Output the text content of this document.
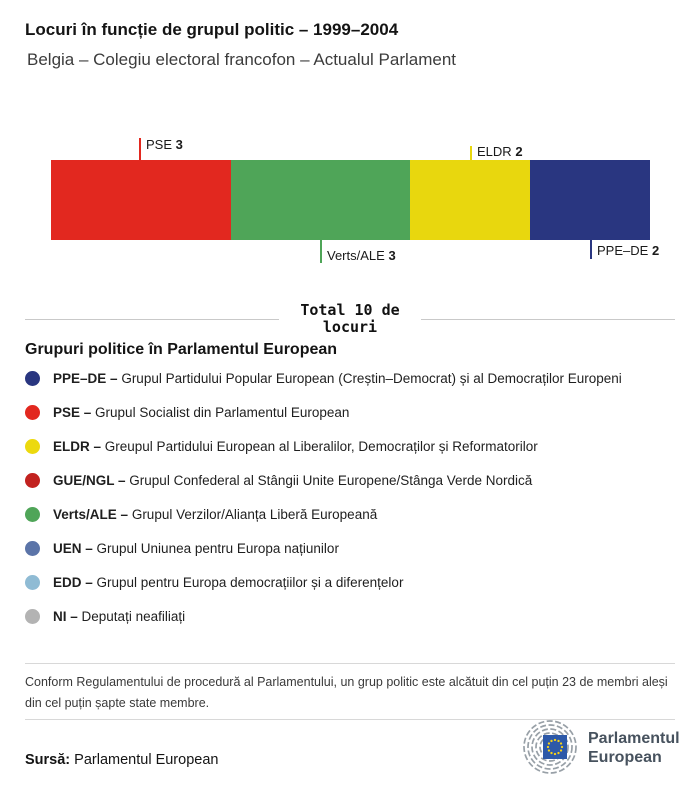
Locuri în funcție de grupul politic – 1999–2004
Belgia – Colegiu electoral francofon – Actualul Parlament
PSE 3	ELDR 2
Verts/ALE 3	PPE–DE 2
Total 10 de locuri
Grupuri politice în Parlamentul European
PPE–DE – Grupul Partidului Popular European (Creștin–Democrat) și al Democraților Europeni
PSE – Grupul Socialist din Parlamentul European
ELDR – Greupul Partidului European al Liberalilor, Democraților și Reformatorilor
GUE/NGL – Grupul Confederal al Stângii Unite Europene/Stânga Verde Nordică
Verts/ALE – Grupul Verzilor/Alianța Liberă Europeană
UEN – Grupul Uniunea pentru Europa națiunilor
EDD – Grupul pentru Europa democrațiilor și a diferențelor
NI – Deputați neafiliați
Conform Regulamentului de procedură al Parlamentului, un grup politic este alcătuit din cel puțin 23 de membri aleși din cel puțin șapte state membre.
Sursă: Parlamentul European
Parlamentul
European
